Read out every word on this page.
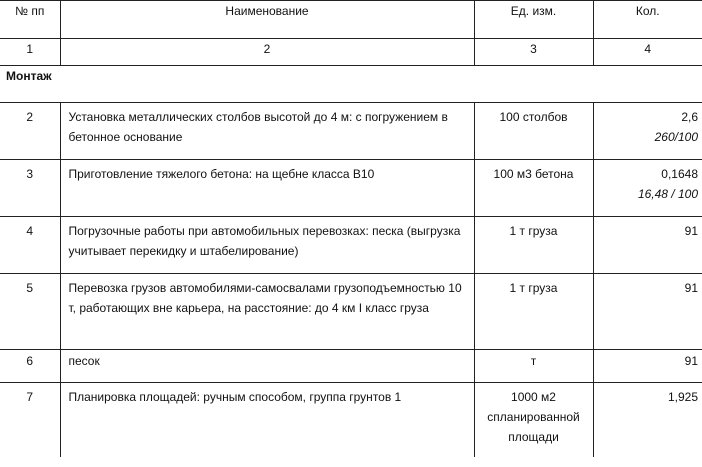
№ пп	Наименование	Ед. изм.	Кол.
1	2	3	4
Монтаж			
2	Установка металлических столбов высотой до 4 м: с погружением в бетонное основание	100 столбов	2,6
260/100

3	Приготовление тяжелого бетона: на щебне класса В10	100 м3 бетона	0,1648
16,48 / 100

4	Погрузочные работы при автомобильных перевозках: песка (выгрузка учитывает перекидку и штабелирование)	1 т груза	91
5	Перевозка грузов автомобилями-самосвалами грузоподъемностью 10 т, работающих вне карьера, на расстояние: до 4 км I класс груза	1 т груза	91
6	песок	т	91
7	Планировка площадей: ручным способом, группа грунтов 1	1000 м2 спланированной площади	1,925
